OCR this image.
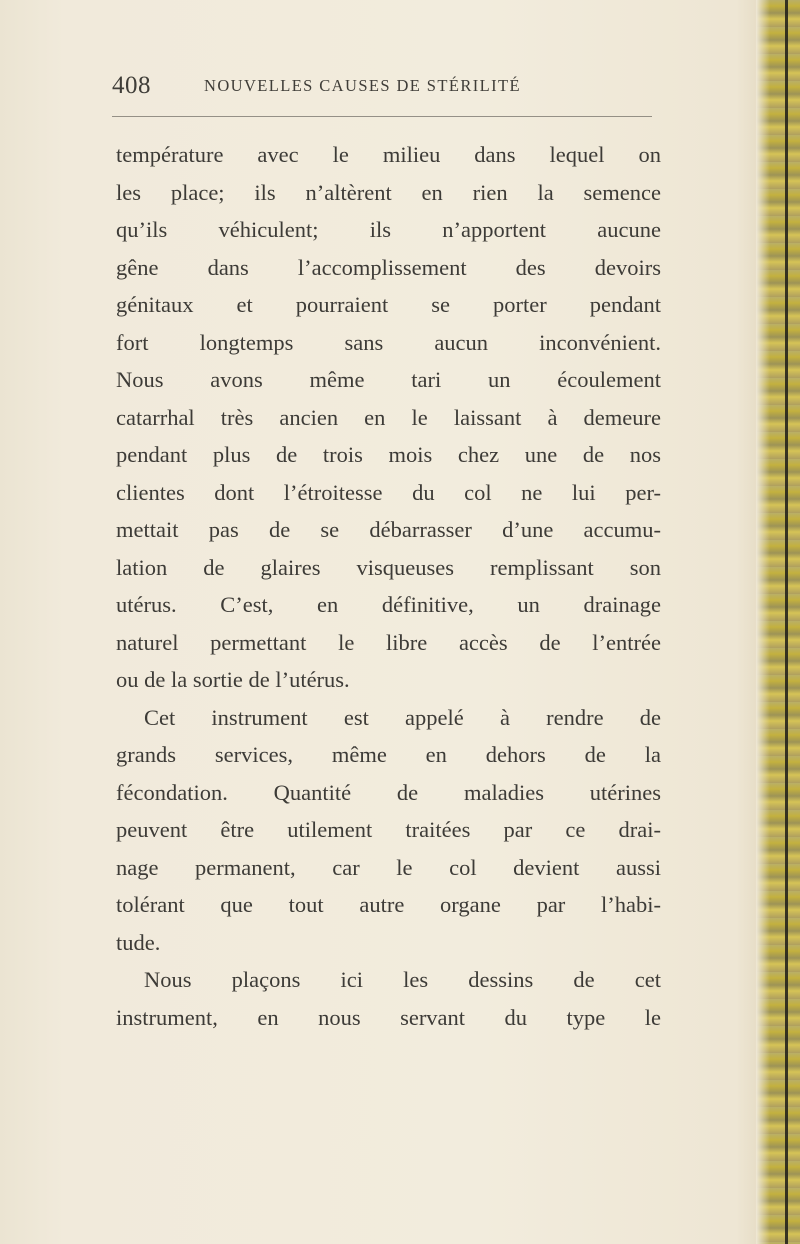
408	NOUVELLES CAUSES DE STÉRILITÉ
température avec le milieu dans lequel on
les place; ils n’altèrent en rien la semence
qu’ils véhiculent; ils n’apportent aucune
gêne dans l’accomplissement des devoirs
génitaux et pourraient se porter pendant
fort longtemps sans aucun inconvénient.
Nous avons même tari un écoulement
catarrhal très ancien en le laissant à demeure
pendant plus de trois mois chez une de nos
clientes dont l’étroitesse du col ne lui per-
mettait pas de se débarrasser d’une accumu-
lation de glaires visqueuses remplissant son
utérus. C’est, en définitive, un drainage
naturel permettant le libre accès de l’entrée
ou de la sortie de l’utérus.
Cet instrument est appelé à rendre de
grands services, même en dehors de la
fécondation. Quantité de maladies utérines
peuvent être utilement traitées par ce drai-
nage permanent, car le col devient aussi
tolérant que tout autre organe par l’habi-
tude.
Nous plaçons ici les dessins de cet
instrument, en nous servant du type le
